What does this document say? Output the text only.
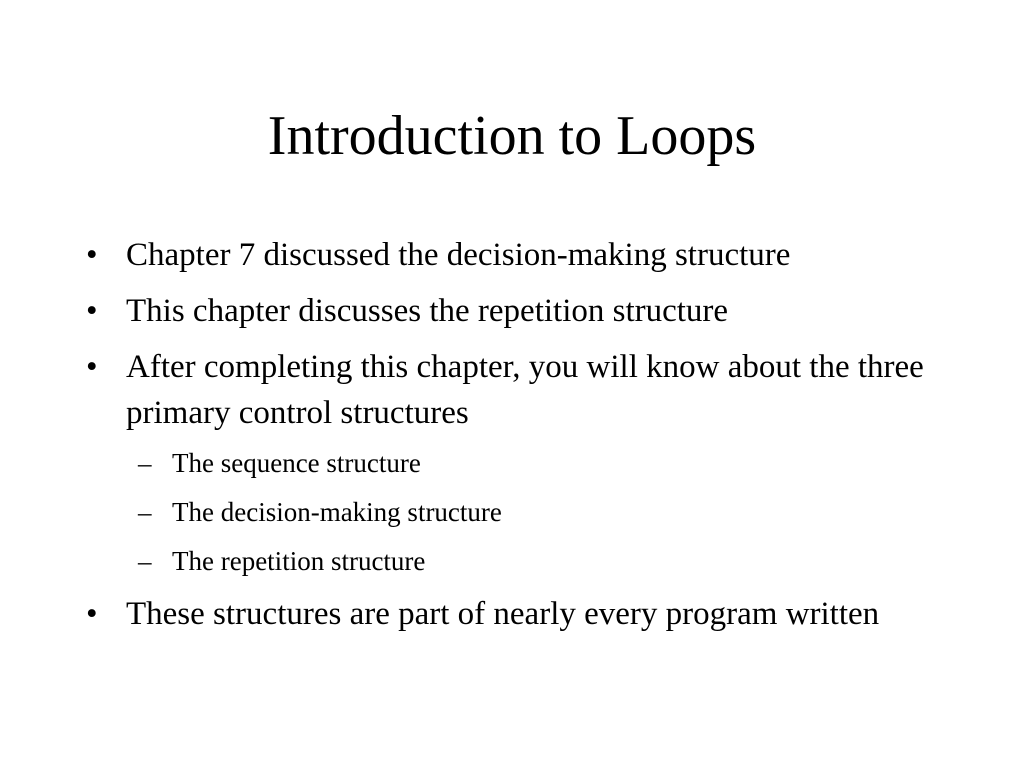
Introduction to Loops
• Chapter 7 discussed the decision-making structure
• This chapter discusses the repetition structure
• After completing this chapter, you will know about the three primary control structures
– The sequence structure
– The decision-making structure
– The repetition structure
• These structures are part of nearly every program written
